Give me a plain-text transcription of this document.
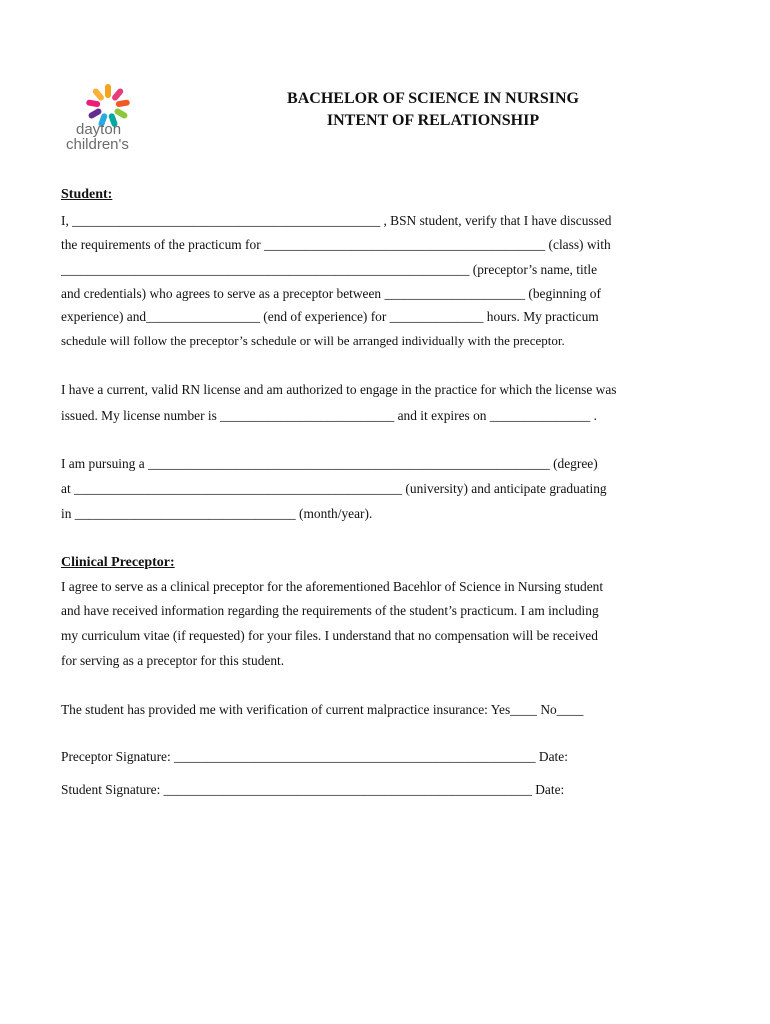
dayton
children's
BACHELOR OF SCIENCE IN NURSING
INTENT OF RELATIONSHIP
Student:
I, ______________________________________________ , BSN student, verify that I have discussed
the requirements of the practicum for __________________________________________ (class) with
_____________________________________________________________ (preceptor’s name, title
and credentials) who agrees to serve as a preceptor between _____________________ (beginning of
experience) and_________________ (end of experience) for ______________ hours. My practicum
schedule will follow the preceptor’s schedule or will be arranged individually with the preceptor.
I have a current, valid RN license and am authorized to engage in the practice for which the license was
issued. My license number is __________________________ and it expires on _______________ .
I am pursuing a ____________________________________________________________ (degree)
at _________________________________________________ (university) and anticipate graduating
in _________________________________ (month/year).
Clinical Preceptor:
I agree to serve as a clinical preceptor for the aforementioned Bacehlor of Science in Nursing student
and have received information regarding the requirements of the student’s practicum. I am including
my curriculum vitae (if requested) for your files. I understand that no compensation will be received
for serving as a preceptor for this student.
The student has provided me with verification of current malpractice insurance: Yes____ No____
Preceptor Signature: ______________________________________________________ Date:
Student Signature: _______________________________________________________ Date:
